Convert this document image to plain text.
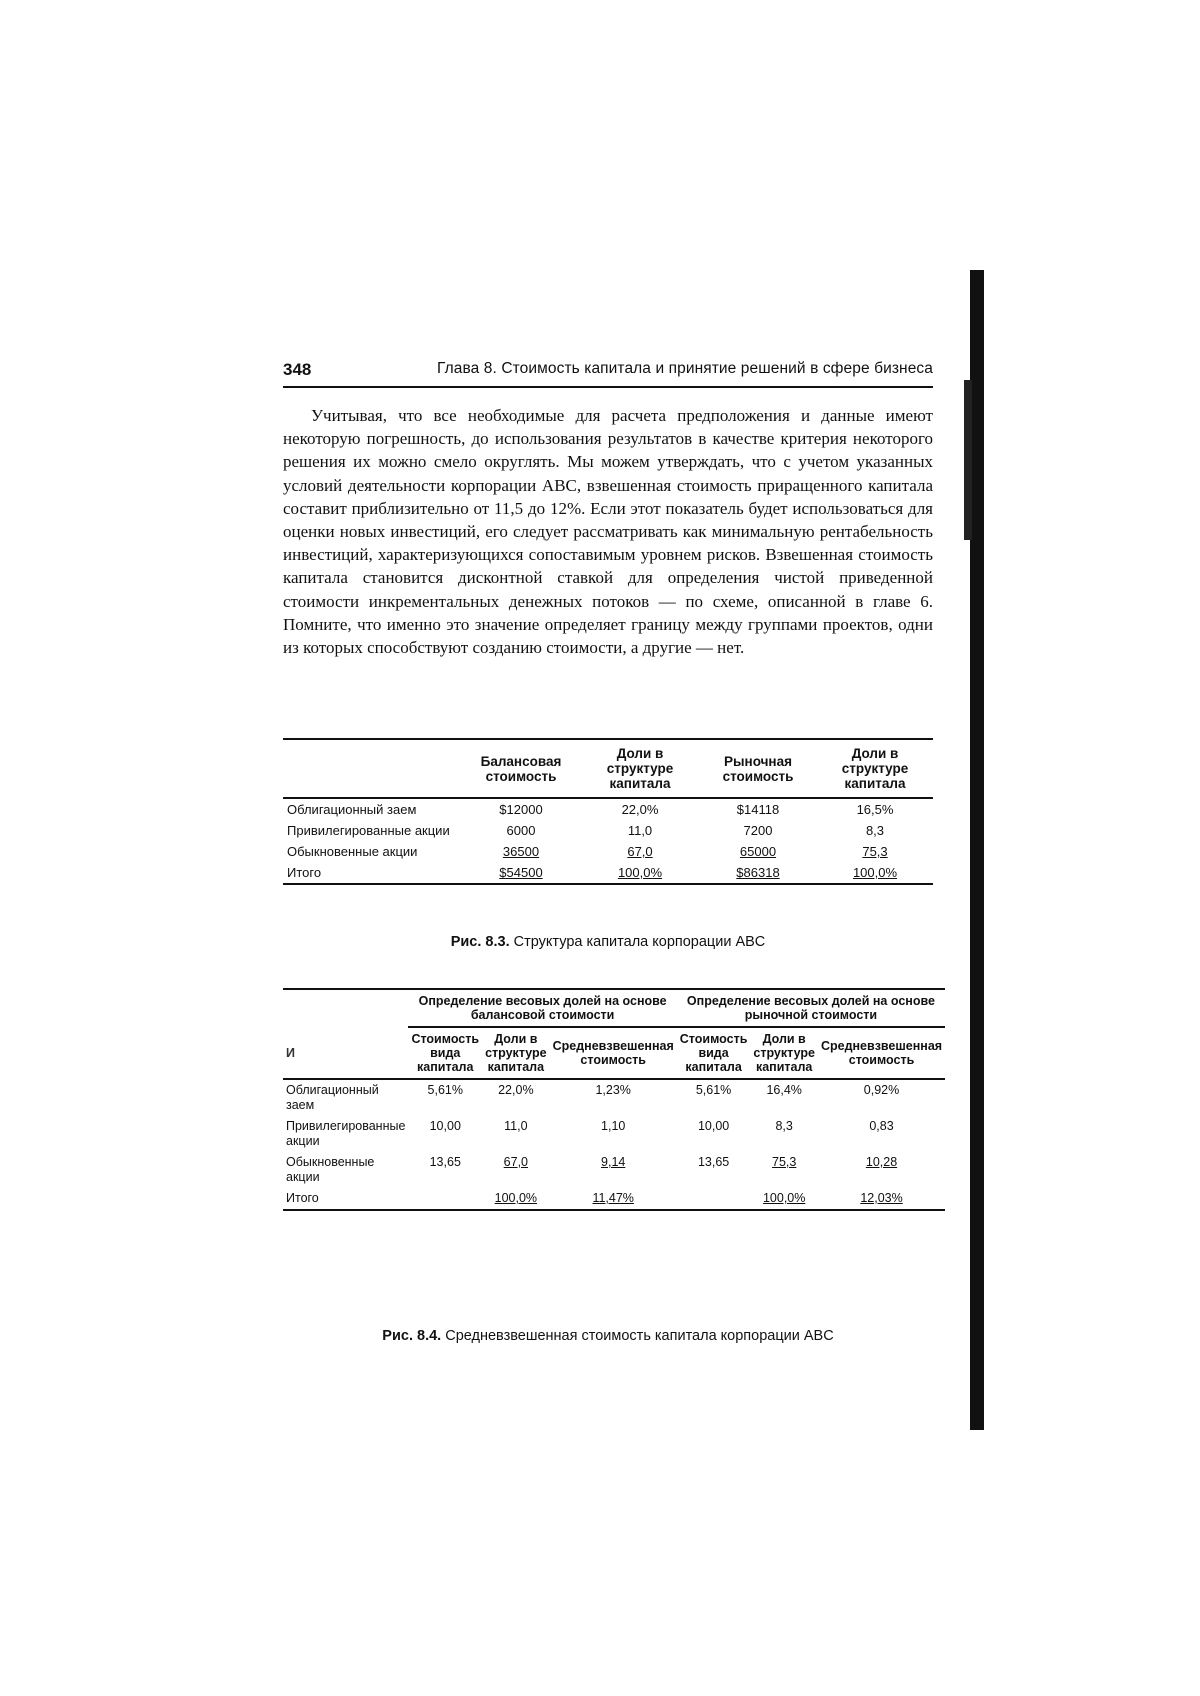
348	Глава 8. Стоимость капитала и принятие решений в сфере бизнеса

Учитывая, что все необходимые для расчета предположения и данные имеют некоторую погрешность, до использования результатов в качестве критерия некоторого решения их можно смело округлять. Мы можем утверждать, что с учетом указанных условий деятельности корпорации ABC, взвешенная стоимость приращенного капитала составит приблизительно от 11,5 до 12%. Если этот показатель будет использоваться для оценки новых инвестиций, его следует рассматривать как минимальную рентабельность инвестиций, характеризующихся сопоставимым уровнем рисков. Взвешенная стоимость капитала становится дисконтной ставкой для определения чистой приведенной стоимости инкрементальных денежных потоков — по схеме, описанной в главе 6. Помните, что именно это значение определяет границу между группами проектов, одни из которых способствуют созданию стоимости, а другие — нет.

	Балансовая стоимость	Доли в структуре капитала	Рыночная стоимость	Доли в структуре капитала
Облигационный заем	$12000	22,0%	$14118	16,5%
Привилегированные акции	6000	11,0	7200	8,3
Обыкновенные акции	36500	67,0	65000	75,3
Итого	$54500	100,0%	$86318	100,0%
Рис. 8.3. Структура капитала корпорации ABC
	Определение весовых долей на основе балансовой стоимости			Определение весовых долей на основе рыночной стоимости		
И	Стоимость вида капитала	Доли в структуре капитала	Средневзвешенная стоимость	Стоимость вида капитала	Доли в структуре капитала	Средневзвешенная стоимость
Облигационный заем	5,61%	22,0%	1,23%	5,61%	16,4%	0,92%
Привилегированные акции	10,00	11,0	1,10	10,00	8,3	0,83
Обыкновенные акции	13,65	67,0	9,14	13,65	75,3	10,28
Итого		100,0%	11,47%		100,0%	12,03%
Рис. 8.4. Средневзвешенная стоимость капитала корпорации ABC
